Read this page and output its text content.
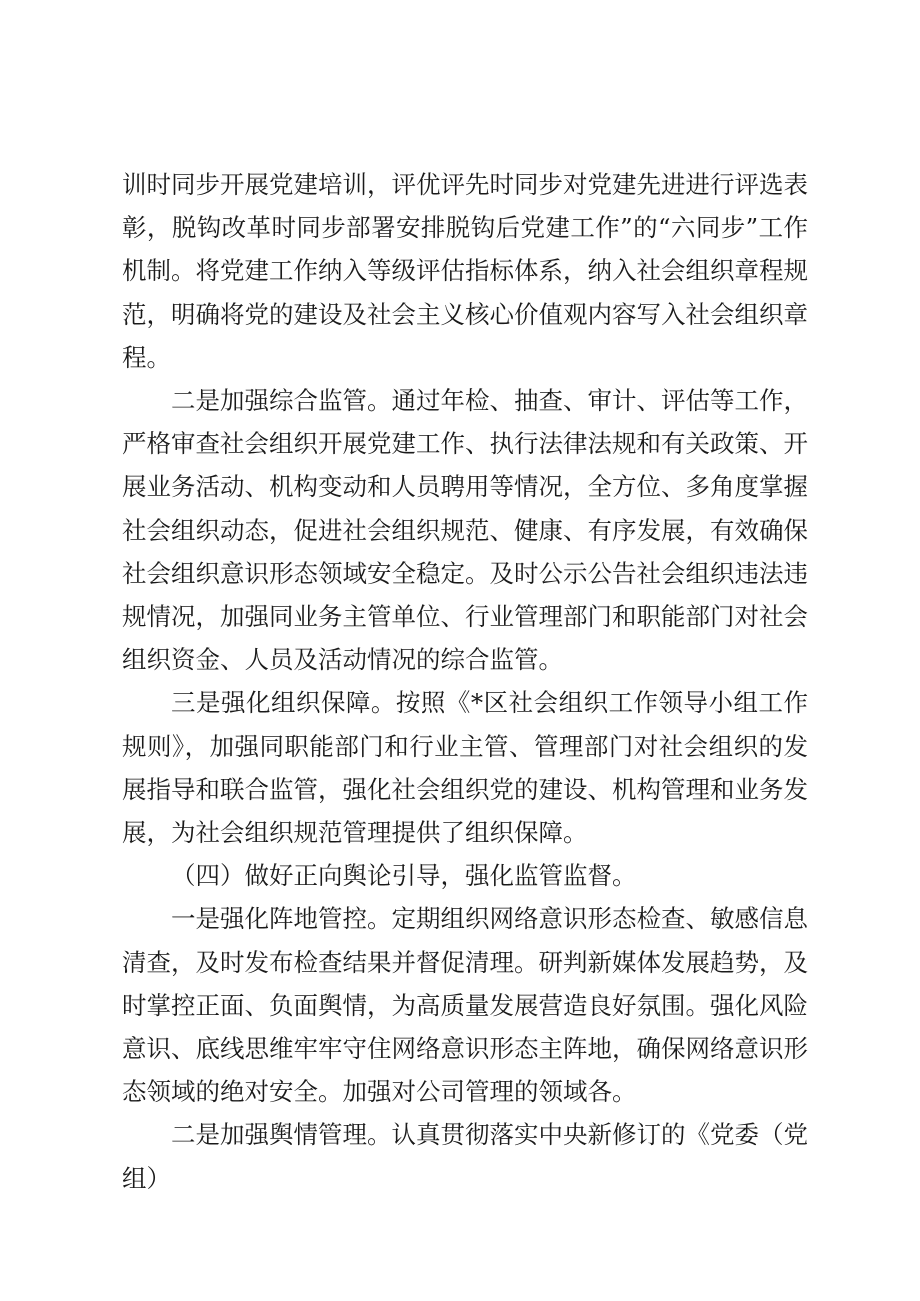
训时同步开展党建培训，评优评先时同步对党建先进进行评选表彰，脱钩改革时同步部署安排脱钩后党建工作”的“六同步”工作机制。将党建工作纳入等级评估指标体系，纳入社会组织章程规范，明确将党的建设及社会主义核心价值观内容写入社会组织章程。

二是加强综合监管。通过年检、抽查、审计、评估等工作，严格审查社会组织开展党建工作、执行法律法规和有关政策、开展业务活动、机构变动和人员聘用等情况，全方位、多角度掌握社会组织动态，促进社会组织规范、健康、有序发展，有效确保社会组织意识形态领域安全稳定。及时公示公告社会组织违法违规情况，加强同业务主管单位、行业管理部门和职能部门对社会组织资金、人员及活动情况的综合监管。

三是强化组织保障。按照《*区社会组织工作领导小组工作规则》，加强同职能部门和行业主管、管理部门对社会组织的发展指导和联合监管，强化社会组织党的建设、机构管理和业务发展，为社会组织规范管理提供了组织保障。

（四）做好正向舆论引导，强化监管监督。

一是强化阵地管控。定期组织网络意识形态检查、敏感信息清查，及时发布检查结果并督促清理。研判新媒体发展趋势，及时掌控正面、负面舆情，为高质量发展营造良好氛围。强化风险意识、底线思维牢牢守住网络意识形态主阵地，确保网络意识形态领域的绝对安全。加强对公司管理的领域各。

二是加强舆情管理。认真贯彻落实中央新修订的《党委（党组）
